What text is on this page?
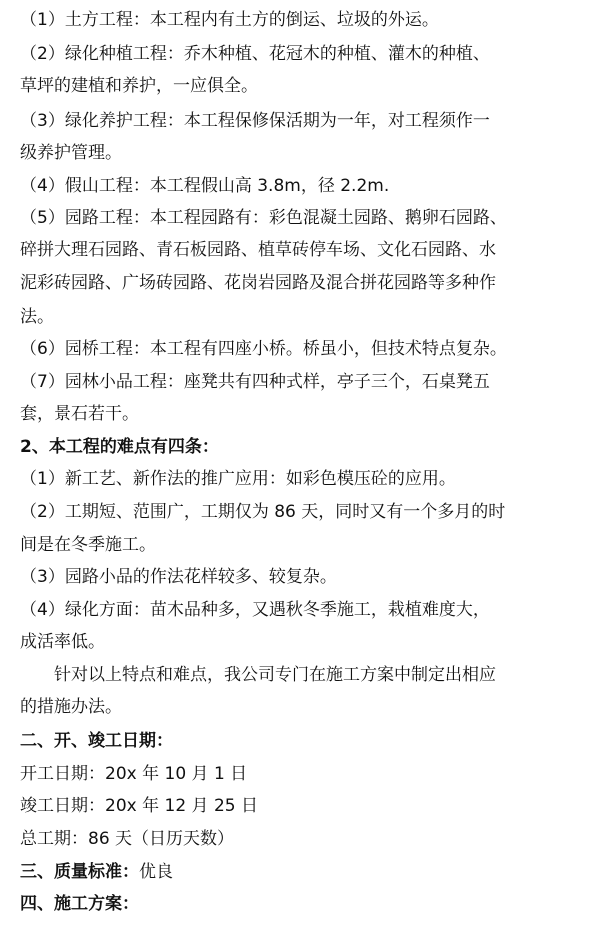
（1）土方工程：本工程内有土方的倒运、垃圾的外运。
（2）绿化种植工程：乔木种植、花冠木的种植、灌木的种植、
草坪的建植和养护，一应俱全。
（3）绿化养护工程：本工程保修保活期为一年，对工程须作一
级养护管理。
（4）假山工程：本工程假山高 3.8m，径 2.2m.
（5）园路工程：本工程园路有：彩色混凝土园路、鹅卵石园路、
碎拼大理石园路、青石板园路、植草砖停车场、文化石园路、水
泥彩砖园路、广场砖园路、花岗岩园路及混合拼花园路等多种作
法。
（6）园桥工程：本工程有四座小桥。桥虽小，但技术特点复杂。
（7）园林小品工程：座凳共有四种式样，亭子三个，石桌凳五
套，景石若干。
2、本工程的难点有四条：
（1）新工艺、新作法的推广应用：如彩色模压砼的应用。
（2）工期短、范围广，工期仅为 86 天，同时又有一个多月的时
间是在冬季施工。
（3）园路小品的作法花样较多、较复杂。
（4）绿化方面：苗木品种多，又遇秋冬季施工，栽植难度大，
成活率低。
针对以上特点和难点，我公司专门在施工方案中制定出相应
的措施办法。
二、开、竣工日期：
开工日期：20x 年 10 月 1 日
竣工日期：20x 年 12 月 25 日
总工期：86 天（日历天数）
三、质量标准：优良
四、施工方案：
